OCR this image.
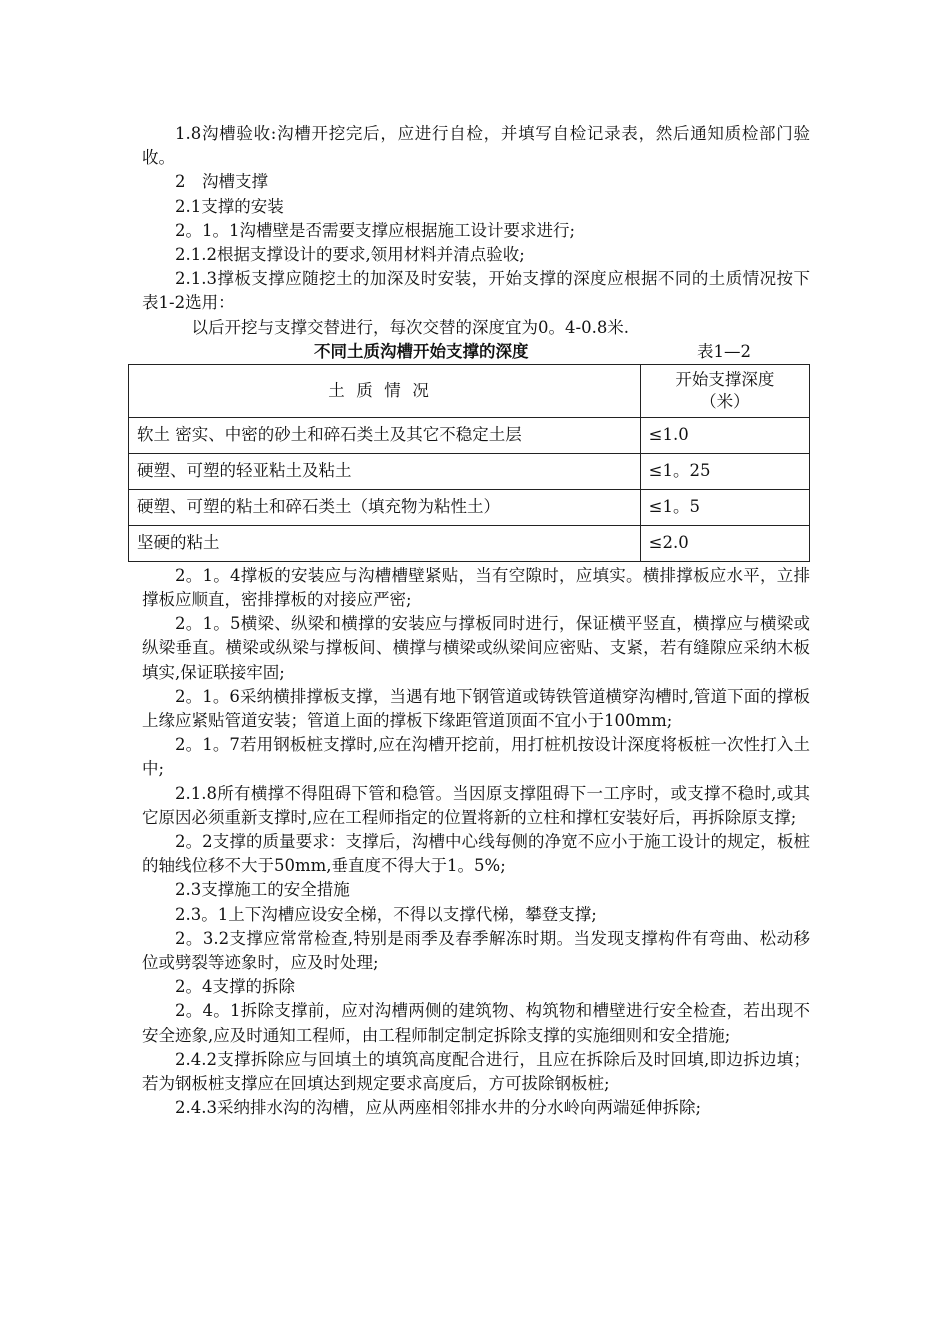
1.8沟槽验收:沟槽开挖完后，应进行自检，并填写自检记录表，然后通知质检部门验收。

2　沟槽支撑

2.1支撑的安装

2。1。1沟槽壁是否需要支撑应根据施工设计要求进行;

2.1.2根据支撑设计的要求,领用材料并清点验收;

2.1.3撑板支撑应随挖土的加深及时安装，开始支撑的深度应根据不同的土质情况按下表1-2选用：

以后开挖与支撑交替进行，每次交替的深度宜为0。4-0.8米.

不同土质沟槽开始支撑的深度	表1—2
土质情况	开始支撑深度
（米）

软土 密实、中密的砂土和碎石类土及其它不稳定土层	≤1.0
硬塑、可塑的轻亚粘土及粘土	≤1。25
硬塑、可塑的粘土和碎石类土（填充物为粘性土）	≤1。5
坚硬的粘土	≤2.0

2。1。4撑板的安装应与沟槽槽壁紧贴，当有空隙时，应填实。横排撑板应水平，立排撑板应顺直，密排撑板的对接应严密;

2。1。5横梁、纵梁和横撑的安装应与撑板同时进行，保证横平竖直，横撑应与横梁或纵梁垂直。横梁或纵梁与撑板间、横撑与横梁或纵梁间应密贴、支紧，若有缝隙应采纳木板填实,保证联接牢固;

2。1。6采纳横排撑板支撑，当遇有地下钢管道或铸铁管道横穿沟槽时,管道下面的撑板上缘应紧贴管道安装；管道上面的撑板下缘距管道顶面不宜小于100mm;

2。1。7若用钢板桩支撑时,应在沟槽开挖前，用打桩机按设计深度将板桩一次性打入土中;

2.1.8所有横撑不得阻碍下管和稳管。当因原支撑阻碍下一工序时，或支撑不稳时,或其它原因必须重新支撑时,应在工程师指定的位置将新的立柱和撑杠安装好后，再拆除原支撑;

2。2支撑的质量要求：支撑后，沟槽中心线每侧的净宽不应小于施工设计的规定，板桩的轴线位移不大于50mm,垂直度不得大于1。5%;

2.3支撑施工的安全措施

2.3。1上下沟槽应设安全梯，不得以支撑代梯，攀登支撑;

2。3.2支撑应常常检查,特别是雨季及春季解冻时期。当发现支撑构件有弯曲、松动移位或劈裂等迹象时，应及时处理;

2。4支撑的拆除

2。4。1拆除支撑前，应对沟槽两侧的建筑物、构筑物和槽壁进行安全检查，若出现不安全迹象,应及时通知工程师，由工程师制定制定拆除支撑的实施细则和安全措施;

2.4.2支撑拆除应与回填土的填筑高度配合进行，且应在拆除后及时回填,即边拆边填；若为钢板桩支撑应在回填达到规定要求高度后，方可拔除钢板桩;

2.4.3采纳排水沟的沟槽，应从两座相邻排水井的分水岭向两端延伸拆除;
